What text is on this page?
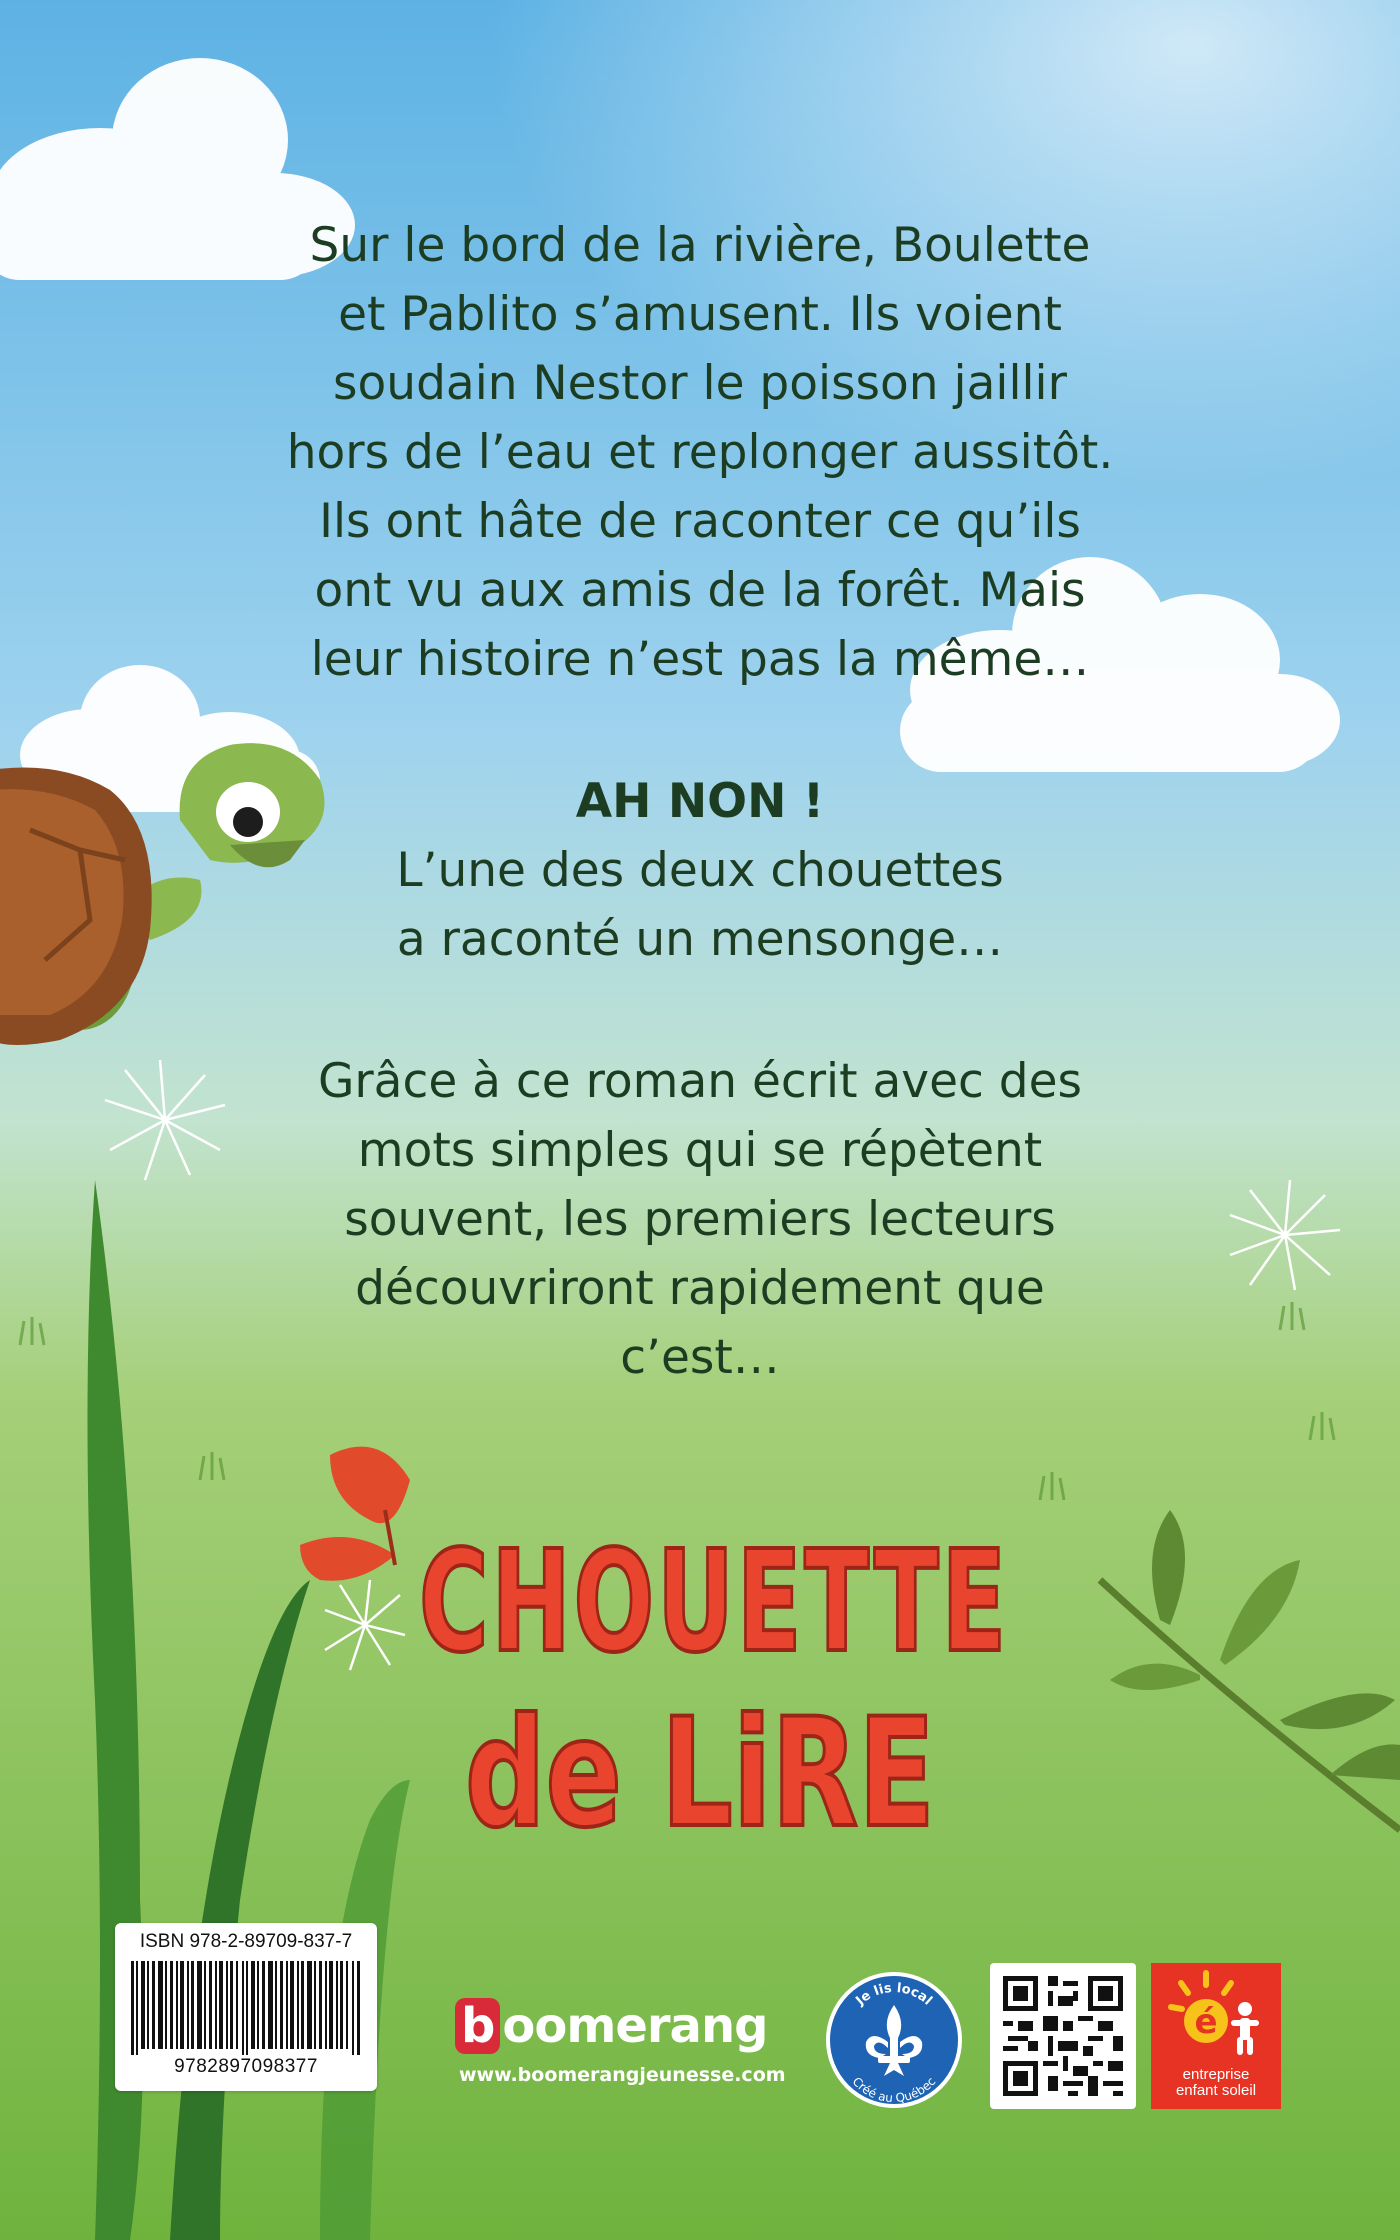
Sur le bord de la rivière, Boulette
et Pablito s’amusent. Ils voient
soudain Nestor le poisson jaillir
hors de l’eau et replonger aussitôt.
Ils ont hâte de raconter ce qu’ils
ont vu aux amis de la forêt. Mais
leur histoire n’est pas la même…
AH NON !
L’une des deux chouettes
a raconté un mensonge…
Grâce à ce roman écrit avec des
mots simples qui se répètent
souvent, les premiers lecteurs
découvriront rapidement que
c’est…
CHOUETTE
de LiRE
ISBN 978-2-89709-837-7
9782897098377
b oomerang
www.boomerangjeunesse.com
Je lis local
Créé au Québec
é
entreprise
enfant soleil
